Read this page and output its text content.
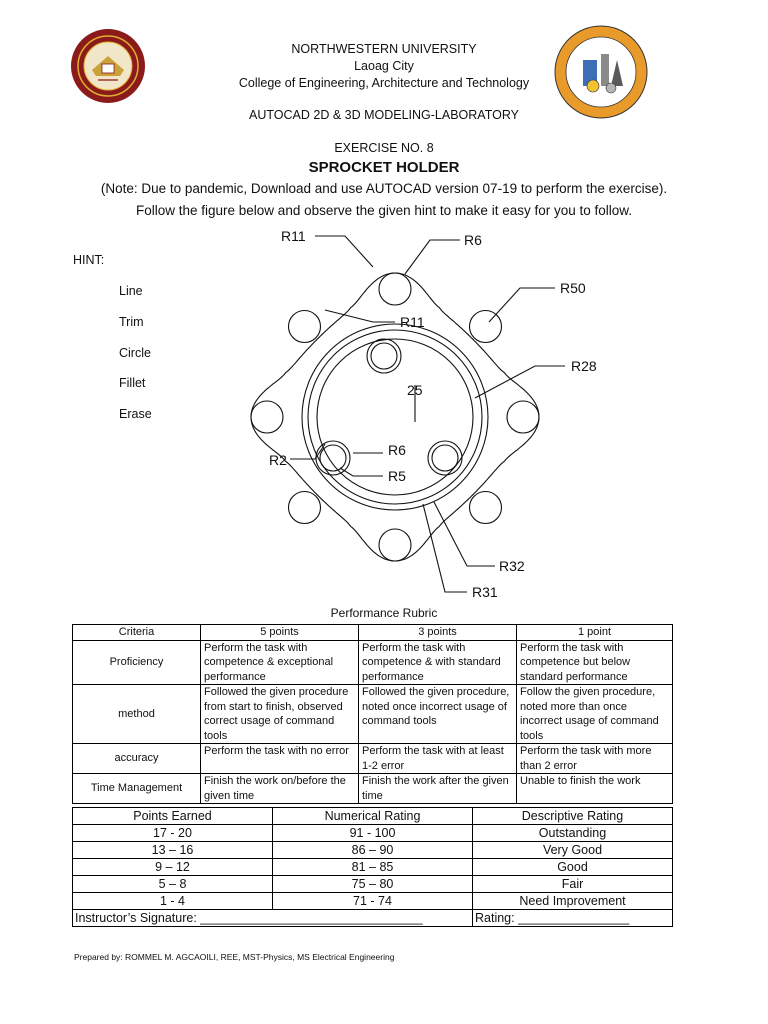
NORTHWESTERN UNIVERSITY
Laoag City
College of Engineering, Architecture and Technology
AUTOCAD 2D & 3D MODELING-LABORATORY
EXERCISE NO. 8
SPROCKET HOLDER
(Note: Due to pandemic, Download and use AUTOCAD version 07-19 to perform the exercise).
Follow the figure below and observe the given hint to make it easy for you to follow.
HINT:
Line
Trim
Circle
Fillet
Erase
R11	R6
R50
R11
R28
25
R6
R5
R2
R32
R31
Performance Rubric
Criteria	5 points	3 points	1 point
Proficiency	Perform the task with competence & exceptional performance	Perform the task with competence & with standard performance	Perform the task with competence but below standard performance
method	Followed the given procedure from start to finish, observed correct usage of command tools	Followed the given procedure, noted once incorrect usage of command tools	Follow the given procedure, noted more than once incorrect usage of command tools
accuracy	Perform the task with no error	Perform the task with at least 1-2 error	Perform the task with more than 2 error
Time Management	Finish the work on/before the given time	Finish the work after the given time	Unable to finish the work
Points Earned	Numerical Rating	Descriptive Rating
17 - 20	91 - 100	Outstanding
13 – 16	86 – 90	Very Good
9 – 12	81 – 85	Good
5 – 8	75 – 80	Fair
1 - 4	71 - 74	Need Improvement
Instructor’s Signature: ________________________________		Rating: ________________
Prepared by: ROMMEL M. AGCAOILI, REE, MST-Physics, MS Electrical Engineering
